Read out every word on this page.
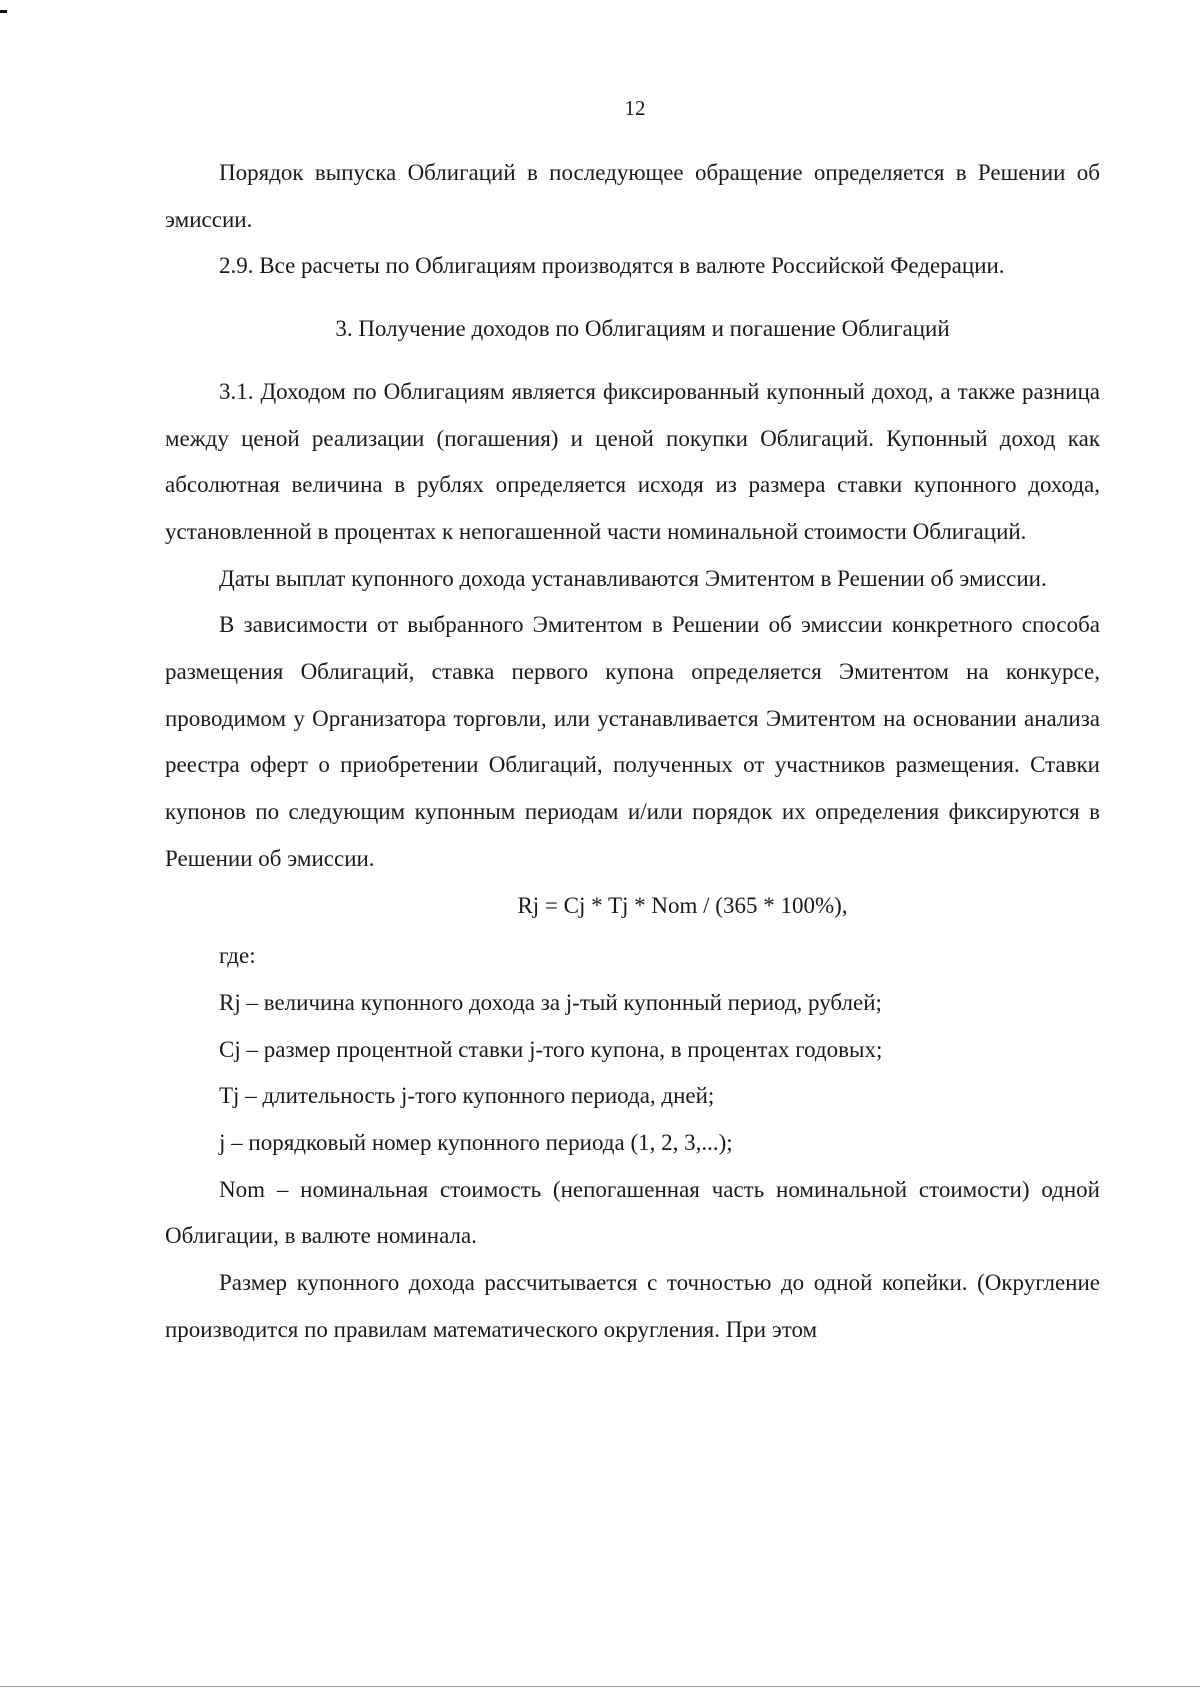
12

Порядок выпуска Облигаций в последующее обращение определяется в Решении об эмиссии.

2.9. Все расчеты по Облигациям производятся в валюте Российской Федерации.

3. Получение доходов по Облигациям и погашение Облигаций

3.1. Доходом по Облигациям является фиксированный купонный доход, а также разница между ценой реализации (погашения) и ценой покупки Облигаций. Купонный доход как абсолютная величина в рублях определяется исходя из размера ставки купонного дохода, установленной в процентах к непогашенной части номинальной стоимости Облигаций.

Даты выплат купонного дохода устанавливаются Эмитентом в Решении об эмиссии.

В зависимости от выбранного Эмитентом в Решении об эмиссии конкретного способа размещения Облигаций, ставка первого купона определяется Эмитентом на конкурсе, проводимом у Организатора торговли, или устанавливается Эмитентом на основании анализа реестра оферт о приобретении Облигаций, полученных от участников размещения. Ставки купонов по следующим купонным периодам и/или порядок их определения фиксируются в Решении об эмиссии.

Rj = Cj * Tj * Nom / (365 * 100%),

где:

Rj – величина купонного дохода за j-тый купонный период, рублей;

Cj – размер процентной ставки j-того купона, в процентах годовых;

Tj – длительность j-того купонного периода, дней;

j – порядковый номер купонного периода (1, 2, 3,...);

Nom – номинальная стоимость (непогашенная часть номинальной стоимости) одной Облигации, в валюте номинала.

Размер купонного дохода рассчитывается с точностью до одной копейки. (Округление производится по правилам математического округления. При этом
